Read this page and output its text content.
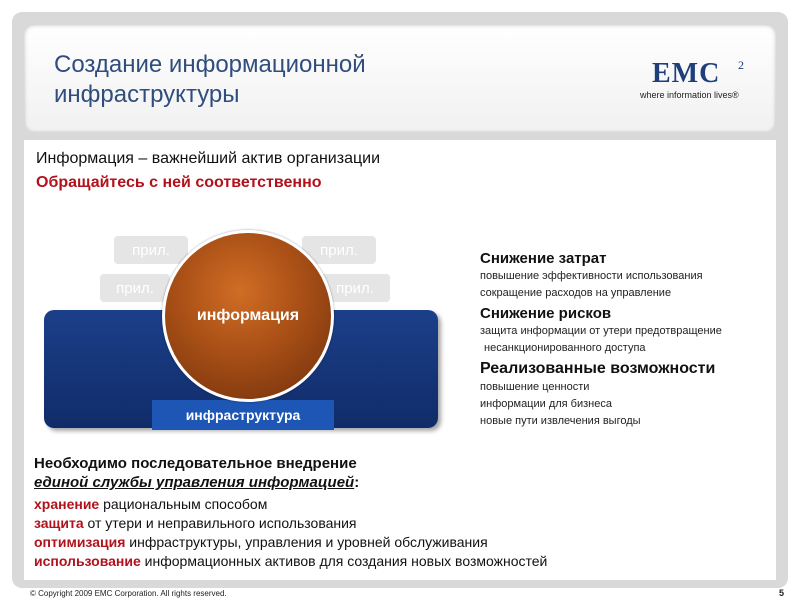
Создание информационной инфраструктуры
EMC 2
where information lives®
Информация – важнейший актив организации
Обращайтесь с ней соответственно
прил.	прил.
прил.	прил.
инфраструктура
информация
Снижение затрат
повышение эффективности использования
сокращение расходов на управление
Снижение рисков
защита информации от утери предотвращение
несанкционированного доступа
Реализованные возможности
повышение ценности
информации для бизнеса
новые пути извлечения выгоды
Необходимо последовательное внедрение
единой службы управления информацией:
хранение рациональным способом
защита от утери и неправильного использования
оптимизация инфраструктуры, управления и уровней обслуживания
использование информационных активов для создания новых возможностей
© Copyright 2009 EMC Corporation. All rights reserved.	5
